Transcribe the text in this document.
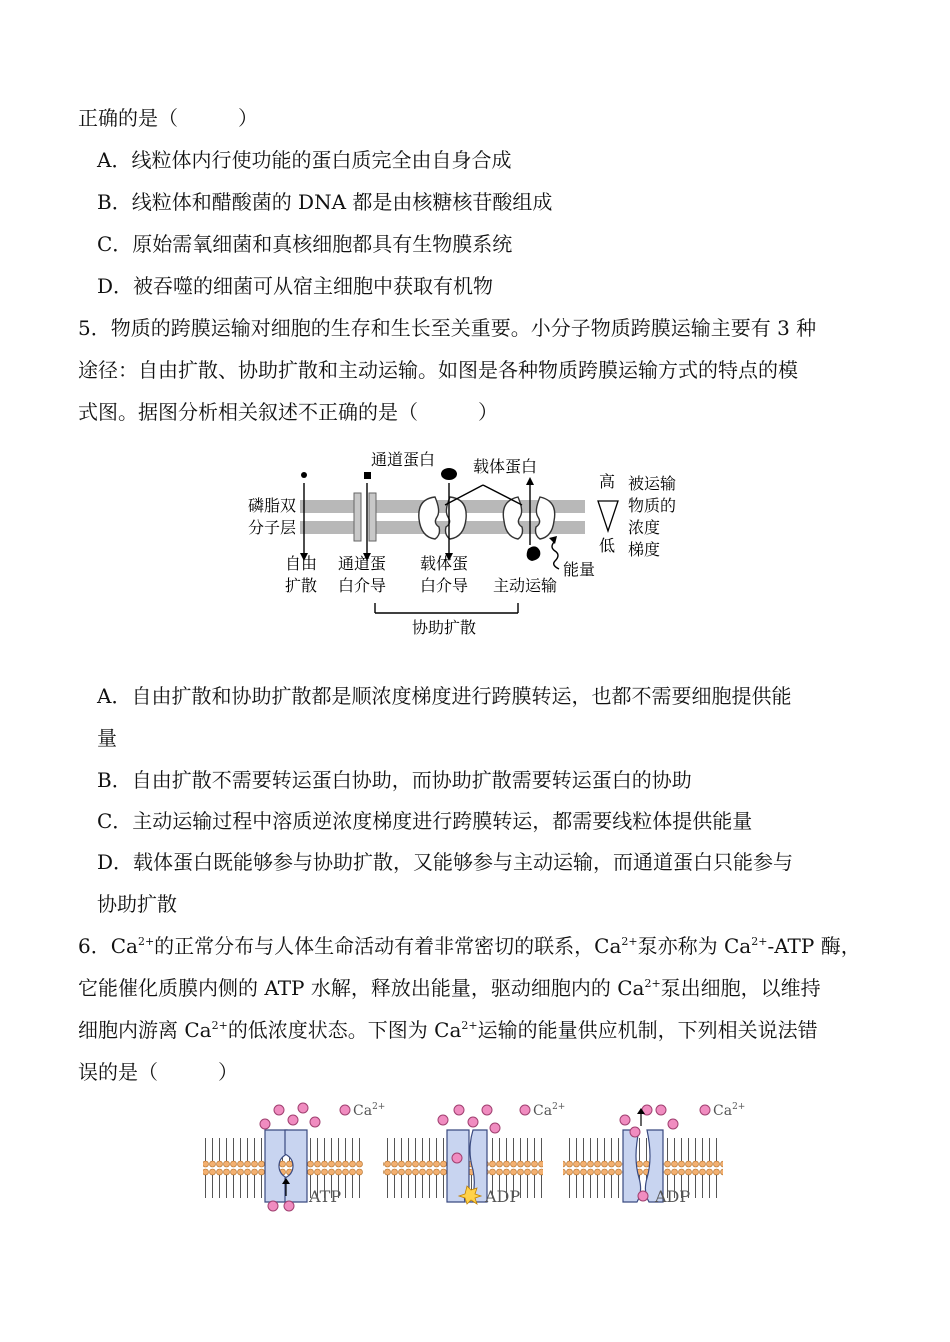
正确的是（　　　）
A．线粒体内行使功能的蛋白质完全由自身合成
B．线粒体和醋酸菌的 DNA 都是由核糖核苷酸组成
C．原始需氧细菌和真核细胞都具有生物膜系统
D．被吞噬的细菌可从宿主细胞中获取有机物
5．物质的跨膜运输对细胞的生存和生长至关重要。小分子物质跨膜运输主要有 3 种
途径：自由扩散、协助扩散和主动运输。如图是各种物质跨膜运输方式的特点的模
式图。据图分析相关叙述不正确的是（　　　）
磷脂双
分子层
通道蛋白 载体蛋白
高
低
被运输
物质的
浓度
梯度
自由
扩散
通道蛋
白介导
载体蛋
白介导 主动运输
能量
协助扩散
A．自由扩散和协助扩散都是顺浓度梯度进行跨膜转运，也都不需要细胞提供能
量
B．自由扩散不需要转运蛋白协助，而协助扩散需要转运蛋白的协助
C．主动运输过程中溶质逆浓度梯度进行跨膜转运，都需要线粒体提供能量
D．载体蛋白既能够参与协助扩散，又能够参与主动运输，而通道蛋白只能参与
协助扩散
6．$Ca^{2+}$的正常分布与人体生命活动有着非常密切的联系，$Ca^{2+}$泵亦称为 $Ca^{2+}$-ATP 酶，
它能催化质膜内侧的 ATP 水解，释放出能量，驱动细胞内的 $Ca^{2+}$泵出细胞，以维持
细胞内游离 $Ca^{2+}$的低浓度状态。下图为 $Ca^{2+}$运输的能量供应机制，下列相关说法错
误的是（　　　）
$Ca^{2+}$	$Ca^{2+}$	$Ca^{2+}$
ATP	ADP	ADP
